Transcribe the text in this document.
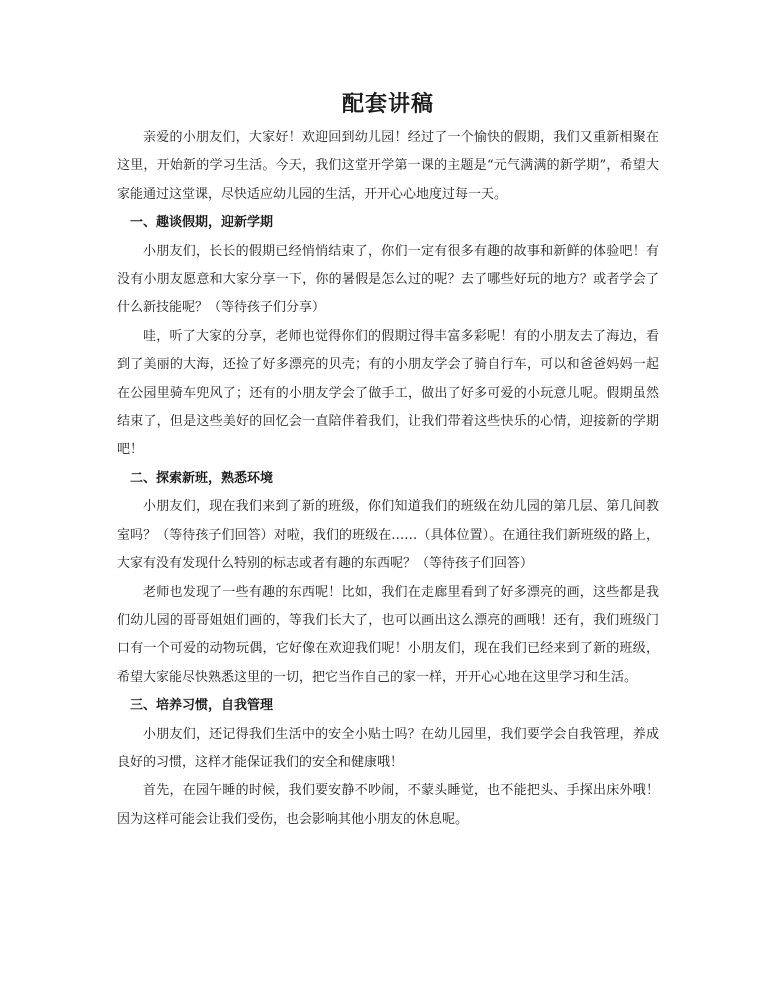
配套讲稿

亲爱的小朋友们，大家好！欢迎回到幼儿园！经过了一个愉快的假期，我们又重新相聚在这里，开始新的学习生活。今天，我们这堂开学第一课的主题是“元气满满的新学期”，希望大家能通过这堂课，尽快适应幼儿园的生活，开开心心地度过每一天。

一、趣谈假期，迎新学期

小朋友们，长长的假期已经悄悄结束了，你们一定有很多有趣的故事和新鲜的体验吧！有没有小朋友愿意和大家分享一下，你的暑假是怎么过的呢？去了哪些好玩的地方？或者学会了什么新技能呢？（等待孩子们分享）

哇，听了大家的分享，老师也觉得你们的假期过得丰富多彩呢！有的小朋友去了海边，看到了美丽的大海，还捡了好多漂亮的贝壳；有的小朋友学会了骑自行车，可以和爸爸妈妈一起在公园里骑车兜风了；还有的小朋友学会了做手工，做出了好多可爱的小玩意儿呢。假期虽然结束了，但是这些美好的回忆会一直陪伴着我们，让我们带着这些快乐的心情，迎接新的学期吧！

二、探索新班，熟悉环境

小朋友们，现在我们来到了新的班级，你们知道我们的班级在幼儿园的第几层、第几间教室吗？（等待孩子们回答）对啦，我们的班级在……（具体位置）。在通往我们新班级的路上，大家有没有发现什么特别的标志或者有趣的东西呢？（等待孩子们回答）

老师也发现了一些有趣的东西呢！比如，我们在走廊里看到了好多漂亮的画，这些都是我们幼儿园的哥哥姐姐们画的，等我们长大了，也可以画出这么漂亮的画哦！还有，我们班级门口有一个可爱的动物玩偶，它好像在欢迎我们呢！小朋友们，现在我们已经来到了新的班级，希望大家能尽快熟悉这里的一切，把它当作自己的家一样，开开心心地在这里学习和生活。

三、培养习惯，自我管理

小朋友们，还记得我们生活中的安全小贴士吗？在幼儿园里，我们要学会自我管理，养成良好的习惯，这样才能保证我们的安全和健康哦！

首先，在园午睡的时候，我们要安静不吵闹，不蒙头睡觉，也不能把头、手探出床外哦！因为这样可能会让我们受伤，也会影响其他小朋友的休息呢。
